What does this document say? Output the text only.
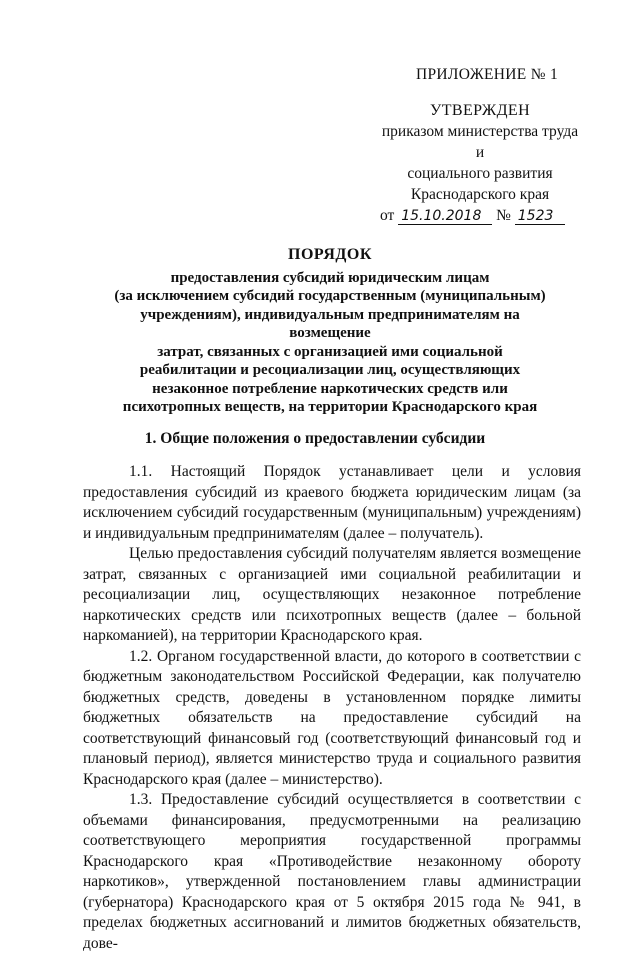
ПРИЛОЖЕНИЕ № 1
УТВЕРЖДЕН
приказом министерства труда и
социального развития
Краснодарского края
от 15.10.2018 № 1523
ПОРЯДОК
предоставления субсидий юридическим лицам
(за исключением субсидий государственным (муниципальным)
учреждениям), индивидуальным предпринимателям на возмещение
затрат, связанных с организацией ими социальной
реабилитации и ресоциализации лиц, осуществляющих
незаконное потребление наркотических средств или
психотропных веществ, на территории Краснодарского края
1. Общие положения о предоставлении субсидии

1.1. Настоящий Порядок устанавливает цели и условия предоставления субсидий из краевого бюджета юридическим лицам (за исключением субсидий государственным (муниципальным) учреждениям) и индивидуальным предпринимателям (далее – получатель).

Целью предоставления субсидий получателям является возмещение затрат, связанных с организацией ими социальной реабилитации и ресоциализации лиц, осуществляющих незаконное потребление наркотических средств или психотропных веществ (далее – больной наркоманией), на территории Краснодарского края.

1.2. Органом государственной власти, до которого в соответствии с бюджетным законодательством Российской Федерации, как получателю бюджетных средств, доведены в установленном порядке лимиты бюджетных обязательств на предоставление субсидий на соответствующий финансовый год (соответствующий финансовый год и плановый период), является министерство труда и социального развития Краснодарского края (далее – министерство).

1.3. Предоставление субсидий осуществляется в соответствии с объемами финансирования, предусмотренными на реализацию соответствующего мероприятия государственной программы Краснодарского края «Противодействие незаконному обороту наркотиков», утвержденной постановлением главы администрации (губернатора) Краснодарского края от 5 октября 2015 года № 941, в пределах бюджетных ассигнований и лимитов бюджетных обязательств, дове-
